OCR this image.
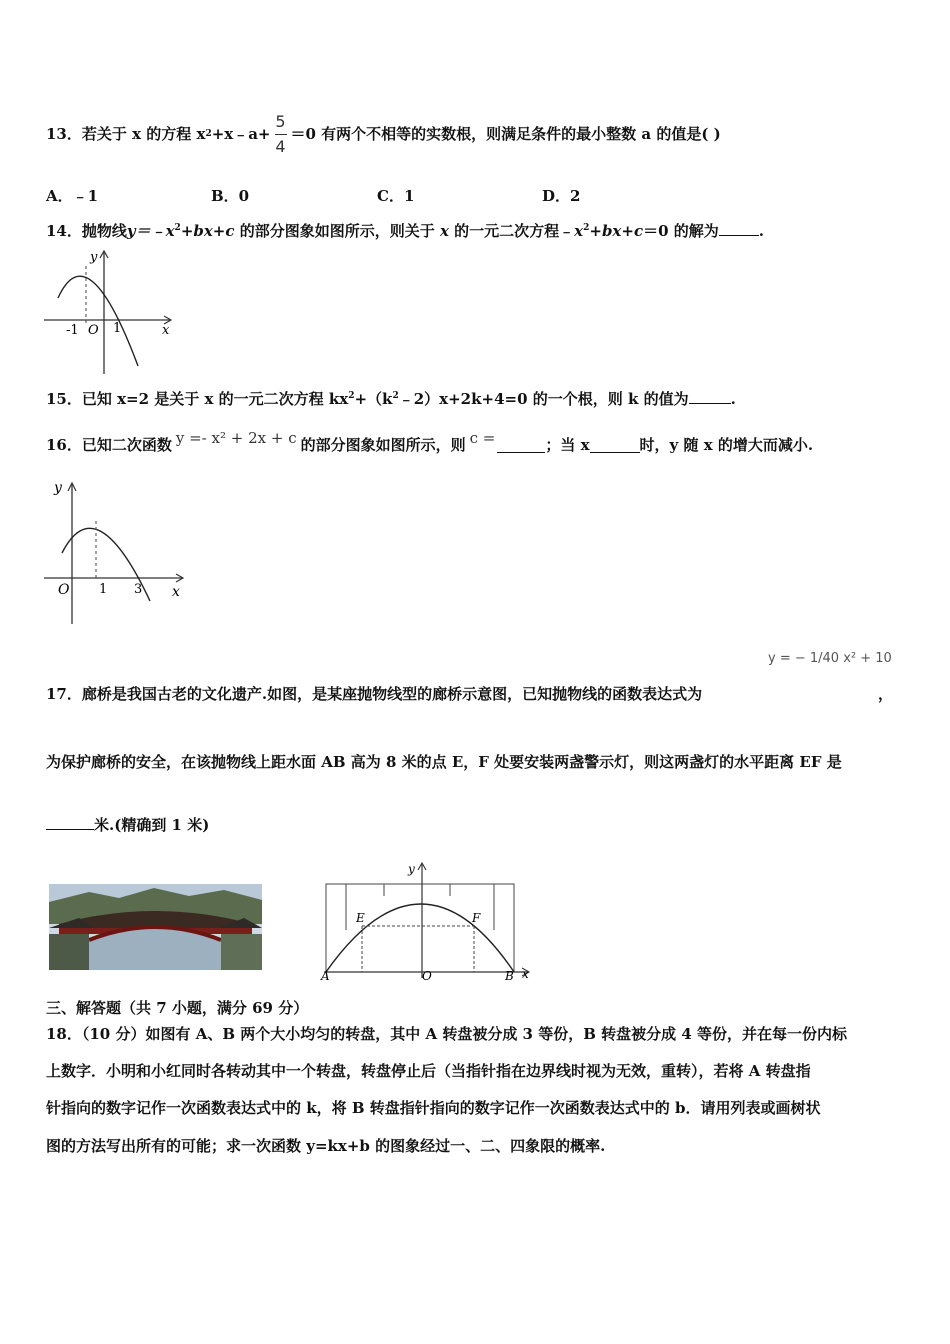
13．若关于 x 的方程 x 2 +x﹣a+ $\frac{5}{4} =0$ 有两个不相等的实数根，则满足条件的最小整数 a 的值是( )
A．﹣1	B．0	C．1	D．2
14．抛物线$y=﹣x^2+bx+c$ 的部分图象如图所示，则关于 x 的一元二次方程$﹣x^2+bx+c=0$ 的解为	.
y
x
-1 O 1
15．已知 x=2 是关于 x 的一元二次方程 $kx^2+(k^2﹣2)x+2k+4=0$ 的一个根，则 k 的值为	.
16．已知二次函数 y =- x² + 2x + c 的部分图象如图所示，则 c =	；当 x	时，y 随 x 的增大而减小.
y
x
O 1 3
y = − 1/40 x² + 10
17．廊桥是我国古老的文化遗产.如图，是某座抛物线型的廊桥示意图，已知抛物线的函数表达式为	，
为保护廊桥的安全，在该抛物线上距水面 AB 高为 8 米的点 E，F 处要安装两盏警示灯，则这两盏灯的水平距离 EF 是
米.(精确到 1 米)
y
x
E	F
A	O	B
三、解答题（共 7 小题，满分 69 分）
18．（10 分）如图有 A、B 两个大小均匀的转盘，其中 A 转盘被分成 3 等份，B 转盘被分成 4 等份，并在每一份内标
上数字．小明和小红同时各转动其中一个转盘，转盘停止后（当指针指在边界线时视为无效，重转），若将 A 转盘指
针指向的数字记作一次函数表达式中的 k，将 B 转盘指针指向的数字记作一次函数表达式中的 b．请用列表或画树状
图的方法写出所有的可能；求一次函数 y=kx+b 的图象经过一、二、四象限的概率.
